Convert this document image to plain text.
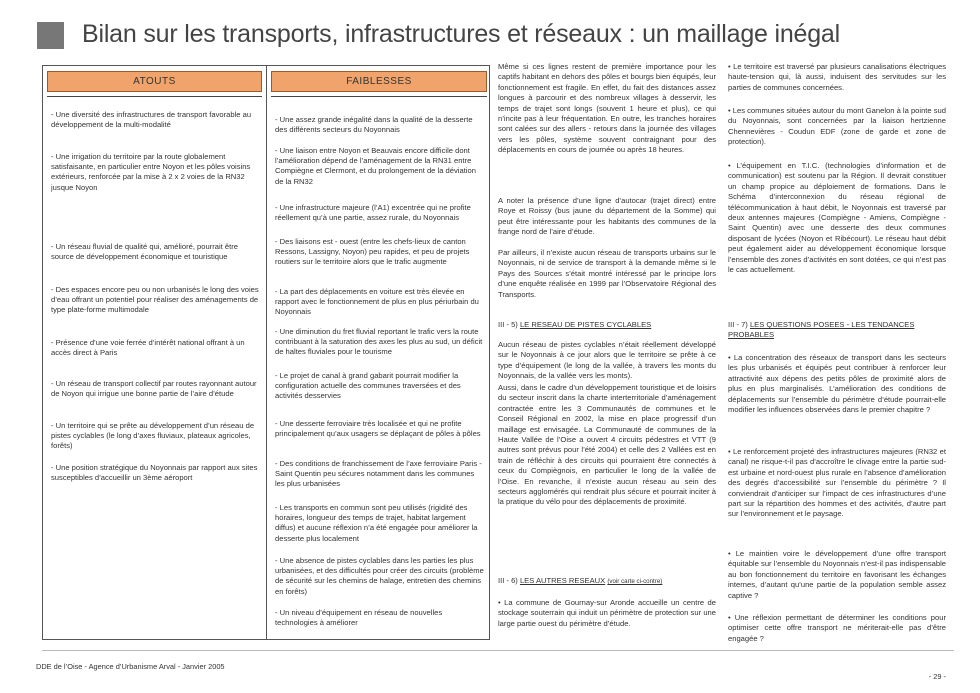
Bilan sur les transports, infrastructures et réseaux : un maillage inégal
ATOUTS
- Une diversité des infrastructures de transport favorable au développement de la multi-modalité
- Une irrigation du territoire par la route globalement satisfaisante, en particulier entre Noyon et les pôles voisins extérieurs, renforcée par la mise à 2 x 2 voies de la RN32 jusque Noyon
- Un réseau fluvial de qualité qui, amélioré, pourrait être source de développement économique et touristique
- Des espaces encore peu ou non urbanisés le long des voies d’eau offrant un potentiel pour réaliser des aménagements de type plate-forme multimodale
- Présence d’une voie ferrée d’intérêt national offrant à un accès direct à Paris
- Un réseau de transport collectif par routes rayonnant autour de Noyon qui irrigue une bonne partie de l’aire d’étude
- Un territoire qui se prête au développement d’un réseau de pistes cyclables (le long d’axes fluviaux, plateaux agricoles, forêts)
- Une position stratégique du Noyonnais par rapport aux sites susceptibles d’accueillir un 3ème aéroport
FAIBLESSES
- Une assez grande inégalité dans la qualité de la desserte des différents secteurs du Noyonnais
- Une liaison entre Noyon et Beauvais encore difficile dont l’amélioration dépend de l’aménagement de la RN31 entre Compiègne et Clermont, et du prolongement de la déviation de la RN32
- Une infrastructure majeure (l’A1) excentrée qui ne profite réellement qu’à une partie, assez rurale, du Noyonnais
- Des liaisons est - ouest (entre les chefs-lieux de canton Ressons, Lassigny, Noyon) peu rapides, et peu de projets routiers sur le territoire alors que le trafic augmente
- La part des déplacements en voiture est très élevée en rapport avec le fonctionnement de plus en plus périurbain du Noyonnais
- Une diminution du fret fluvial reportant le trafic vers la route contribuant à la saturation des axes les plus au sud, un déficit de haltes fluviales pour le tourisme
- Le projet de canal à grand gabarit pourrait modifier la configuration actuelle des communes traversées et des activités desservies
- Une desserte ferroviaire très localisée et qui ne profite principalement qu’aux usagers se déplaçant de pôles à pôles
- Des conditions de franchissement de l’axe ferroviaire Paris - Saint Quentin peu sécures notamment dans les communes les plus urbanisées
- Les transports en commun sont peu utilisés (rigidité des horaires, longueur des temps de trajet, habitat largement diffus) et aucune réflexion n’a été engagée pour améliorer la desserte plus localement
- Une absence de pistes cyclables dans les parties les plus urbanisées, et des difficultés pour créer des circuits (problème de sécurité sur les chemins de halage, entretien des chemins en forêts)
- Un niveau d’équipement en réseau de nouvelles technologies à améliorer

Même si ces lignes restent de première importance pour les captifs habitant en dehors des pôles et bourgs bien équipés, leur fonctionnement est fragile. En effet, du fait des distances assez longues à parcourir et des nombreux villages à desservir, les temps de trajet sont longs (souvent 1 heure et plus), ce qui n’incite pas à leur fréquentation. En outre, les tranches horaires sont calées sur des allers - retours dans la journée des villages vers les pôles, système souvent contraignant pour des déplacements en cours de journée ou après 18 heures.

A noter la présence d’une ligne d’autocar (trajet direct) entre Roye et Roissy (bus jaune du département de la Somme) qui peut être intéressante pour les habitants des communes de la frange nord de l’aire d’étude.

Par ailleurs, il n’existe aucun réseau de transports urbains sur le Noyonnais, ni de service de transport à la demande même si le Pays des Sources s’était montré intéressé par le principe lors d’une enquête réalisée en 1999 par l’Observatoire Régional des Transports.

III - 5) LE RESEAU DE PISTES CYCLABLES

Aucun réseau de pistes cyclables n’était réellement développé sur le Noyonnais à ce jour alors que le territoire se prête à ce type d’équipement (le long de la vallée, à travers les monts du Noyonnais, de la vallée vers les monts).

Aussi, dans le cadre d’un développement touristique et de loisirs du secteur inscrit dans la charte interterritoriale d’aménagement contractée entre les 3 Communautés de communes et le Conseil Régional en 2002, la mise en place progressif d’un maillage est envisagée. La Communauté de communes de la Haute Vallée de l’Oise a ouvert 4 circuits pédestres et VTT (9 autres sont prévus pour l’été 2004) et celle des 2 Vallées est en train de réfléchir à des circuits qui pourraient être connectés à ceux du Compiègnois, en particulier le long de la vallée de l’Oise. En revanche, il n’existe aucun réseau au sein des secteurs agglomérés qui rendrait plus sécure et pourrait inciter à la pratique du vélo pour des déplacements de proximité.

III - 6) LES AUTRES RESEAUX (voir carte ci-contre)

• La commune de Gournay-sur Aronde accueille un centre de stockage souterrain qui induit un périmètre de protection sur une large partie ouest du périmètre d’étude.

• Le territoire est traversé par plusieurs canalisations électriques haute-tension qui, là aussi, induisent des servitudes sur les parties de communes concernées.

• Les communes situées autour du mont Ganelon à la pointe sud du Noyonnais, sont concernées par la liaison hertzienne Chennevières - Coudun EDF (zone de garde et zone de protection).

• L’équipement en T.I.C. (technologies d’information et de communication) est soutenu par la Région. Il devrait constituer un champ propice au déploiement de formations. Dans le Schéma d’interconnexion du réseau régional de télécommunication à haut débit, le Noyonnais est traversé par deux antennes majeures (Compiègne - Amiens, Compiègne - Saint Quentin) avec une desserte des deux communes disposant de lycées (Noyon et Ribécourt). Le réseau haut débit peut également aider au développement économique lorsque l’ensemble des zones d’activités en sont dotées, ce qui n’est pas le cas actuellement.

III - 7) LES QUESTIONS POSEES - LES TENDANCES PROBABLES

• La concentration des réseaux de transport dans les secteurs les plus urbanisés et équipés peut contribuer à renforcer leur attractivité aux dépens des petits pôles de proximité alors de plus en plus marginalisés. L’amélioration des conditions de déplacements sur l’ensemble du périmètre d’étude pourrait-elle modifier les influences observées dans le premier chapitre ?

• Le renforcement projeté des infrastructures majeures (RN32 et canal) ne risque-t-il pas d’accroître le clivage entre la partie sud-est urbaine et nord-ouest plus rurale en l’absence d’amélioration des degrés d’accessibilité sur l’ensemble du périmètre ? Il conviendrait d’anticiper sur l’impact de ces infrastructures d’une part sur la répartition des hommes et des activités, d’autre part sur l’environnement et le paysage.

• Le maintien voire le développement d’une offre transport équitable sur l’ensemble du Noyonnais n’est-il pas indispensable au bon fonctionnement du territoire en favorisant les échanges internes, d’autant qu’une partie de la population semble assez captive ?

• Une réflexion permettant de déterminer les conditions pour optimiser cette offre transport ne mériterait-elle pas d’être engagée ?

DDE de l’Oise - Agence d’Urbanisme Arval - Janvier 2005
- 29 -
